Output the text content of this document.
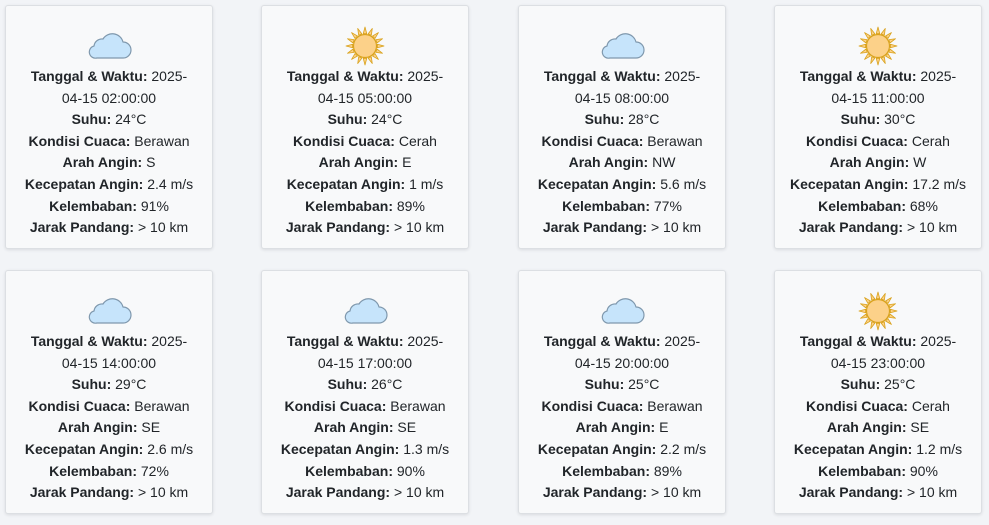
Tanggal & Waktu: 2025-04-15 02:00:00
Suhu: 24°C
Kondisi Cuaca: Berawan
Arah Angin: S
Kecepatan Angin: 2.4 m/s
Kelembaban: 91%
Jarak Pandang: > 10 km
Tanggal & Waktu: 2025-04-15 05:00:00
Suhu: 24°C
Kondisi Cuaca: Cerah
Arah Angin: E
Kecepatan Angin: 1 m/s
Kelembaban: 89%
Jarak Pandang: > 10 km
Tanggal & Waktu: 2025-04-15 08:00:00
Suhu: 28°C
Kondisi Cuaca: Berawan
Arah Angin: NW
Kecepatan Angin: 5.6 m/s
Kelembaban: 77%
Jarak Pandang: > 10 km
Tanggal & Waktu: 2025-04-15 11:00:00
Suhu: 30°C
Kondisi Cuaca: Cerah
Arah Angin: W
Kecepatan Angin: 17.2 m/s
Kelembaban: 68%
Jarak Pandang: > 10 km
Tanggal & Waktu: 2025-04-15 14:00:00
Suhu: 29°C
Kondisi Cuaca: Berawan
Arah Angin: SE
Kecepatan Angin: 2.6 m/s
Kelembaban: 72%
Jarak Pandang: > 10 km
Tanggal & Waktu: 2025-04-15 17:00:00
Suhu: 26°C
Kondisi Cuaca: Berawan
Arah Angin: SE
Kecepatan Angin: 1.3 m/s
Kelembaban: 90%
Jarak Pandang: > 10 km
Tanggal & Waktu: 2025-04-15 20:00:00
Suhu: 25°C
Kondisi Cuaca: Berawan
Arah Angin: E
Kecepatan Angin: 2.2 m/s
Kelembaban: 89%
Jarak Pandang: > 10 km
Tanggal & Waktu: 2025-04-15 23:00:00
Suhu: 25°C
Kondisi Cuaca: Cerah
Arah Angin: SE
Kecepatan Angin: 1.2 m/s
Kelembaban: 90%
Jarak Pandang: > 10 km
